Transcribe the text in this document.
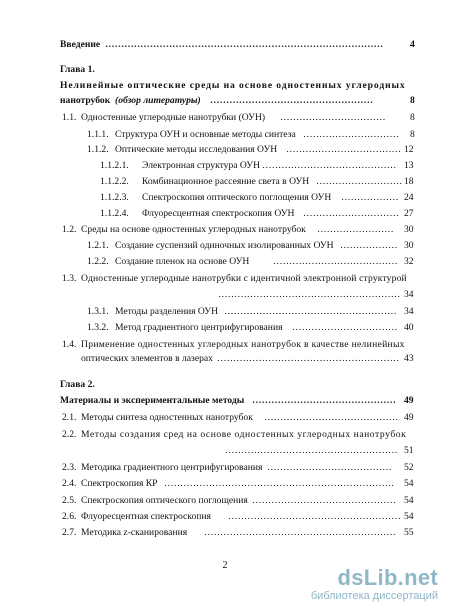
Введение ……………………………………………………………………………	4
Глава 1.
Нелинейные оптические среды на основе одностенных углеродных
нанотрубок (обзор литературы) ……………………………………………	8
1.1. Одностенные углеродные нанотрубки (ОУН) ……………………………	8
1.1.1. Структура ОУН и основные методы синтеза ………………………… 8
1.1.2. Оптические методы исследования ОУН ……………………………… 12
1.1.2.1. Электронная структура ОУН …………………………………… 13
1.1.2.2. Комбинационное рассеяние света в ОУН ……………………… 18
1.1.2.3. Спектроскопия оптического поглощения ОУН ……………… 24
1.1.2.4. Флуоресцентная спектроскопия ОУН ………………………… 27
1.2. Среды на основе одностенных углеродных нанотрубок …………………… 30
1.2.1. Создание суспензий одиночных изолированных ОУН ……………… 30
1.2.2. Создание пленок на основе ОУН ………………………………… 32
1.3. Одностенные углеродные нанотрубки с идентичной электронной структурой
………………………………………………… 34
1.3.1. Методы разделения ОУН ……………………………………………… 34
1.3.2. Метод градиентного центрифугирования …………………………… 40
1.4. Применение одностенных углеродных нанотрубок в качестве нелинейных
оптических элементов в лазерах ………………………………………………… 43
Глава 2.
Материалы и экспериментальные методы ……………………………………… 49
2.1. Методы синтеза одностенных нанотрубок …………………………………… 49
2.2. Методы создания сред на основе одностенных углеродных нанотрубок
……………………………………………… 51
2.3. Методика градиентного центрифугирования ………………………………… 52
2.4. Спектроскопия КР ……………………………………………………………… 54
2.5. Спектроскопия оптического поглощения ……………………………………… 54
2.6. Флуоресцентная спектроскопия ……………………………………………… 54
2.7. Методика z-сканирования …………………………………………………… 55
2	dsLib.net
библиотека диссертаций
